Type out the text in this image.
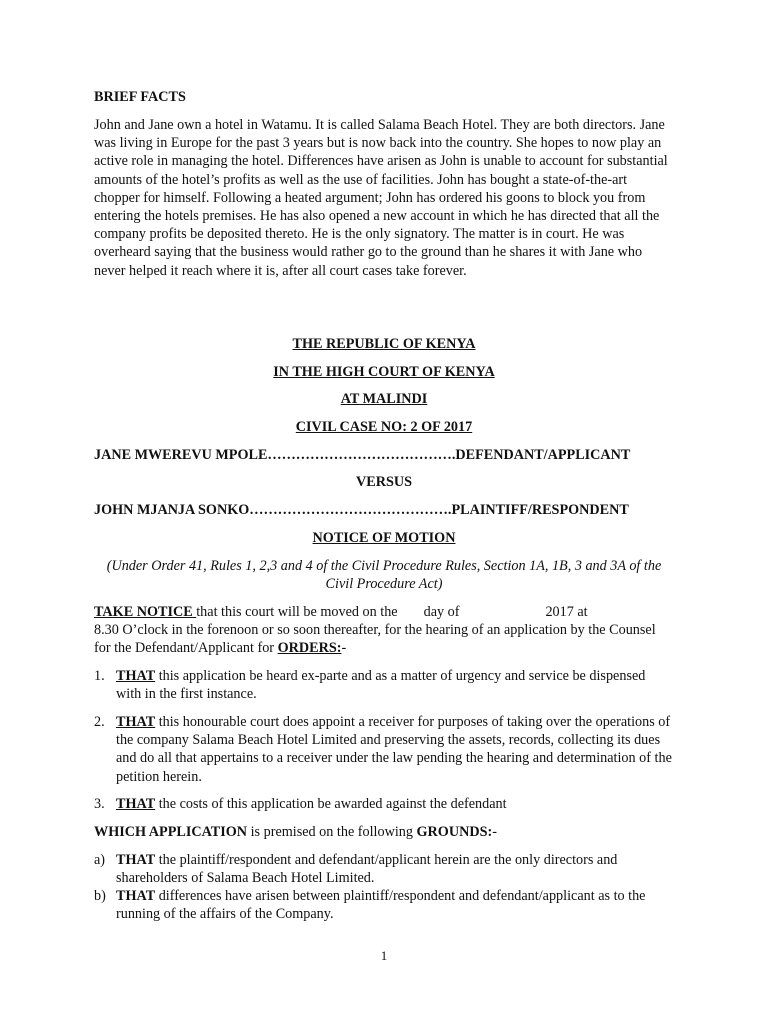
BRIEF FACTS
John and Jane own a hotel in Watamu. It is called Salama Beach Hotel. They are both directors. Jane was living in Europe for the past 3 years but is now back into the country. She hopes to now play an active role in managing the hotel. Differences have arisen as John is unable to account for substantial amounts of the hotel’s profits as well as the use of facilities. John has bought a state-of-the-art chopper for himself. Following a heated argument; John has ordered his goons to block you from entering the hotels premises. He has also opened a new account in which he has directed that all the company profits be deposited thereto. He is the only signatory. The matter is in court. He was overheard saying that the business would rather go to the ground than he shares it with Jane who never helped it reach where it is, after all court cases take forever.
THE REPUBLIC OF KENYA
IN THE HIGH COURT OF KENYA
AT MALINDI
CIVIL CASE NO: 2 OF 2017
JANE MWEREVU MPOLE………………………………….DEFENDANT/APPLICANT
VERSUS
JOHN MJANJA SONKO…………………………………….PLAINTIFF/RESPONDENT
NOTICE OF MOTION
(Under Order 41, Rules 1, 2,3 and 4 of the Civil Procedure Rules, Section 1A, 1B, 3 and 3A of the Civil Procedure Act)
TAKE NOTICE that this court will be moved on the day of	2017 at
8.30 O’clock in the forenoon or so soon thereafter, for the hearing of an application by the Counsel for the Defendant/Applicant for ORDERS:-
1. THAT this application be heard ex-parte and as a matter of urgency and service be dispensed with in the first instance.
2. THAT this honourable court does appoint a receiver for purposes of taking over the operations of the company Salama Beach Hotel Limited and preserving the assets, records, collecting its dues and do all that appertains to a receiver under the law pending the hearing and determination of the petition herein.
3. THAT the costs of this application be awarded against the defendant
WHICH APPLICATION is premised on the following GROUNDS:-
a) THAT the plaintiff/respondent and defendant/applicant herein are the only directors and shareholders of Salama Beach Hotel Limited.
b) THAT differences have arisen between plaintiff/respondent and defendant/applicant as to the running of the affairs of the Company.
1
